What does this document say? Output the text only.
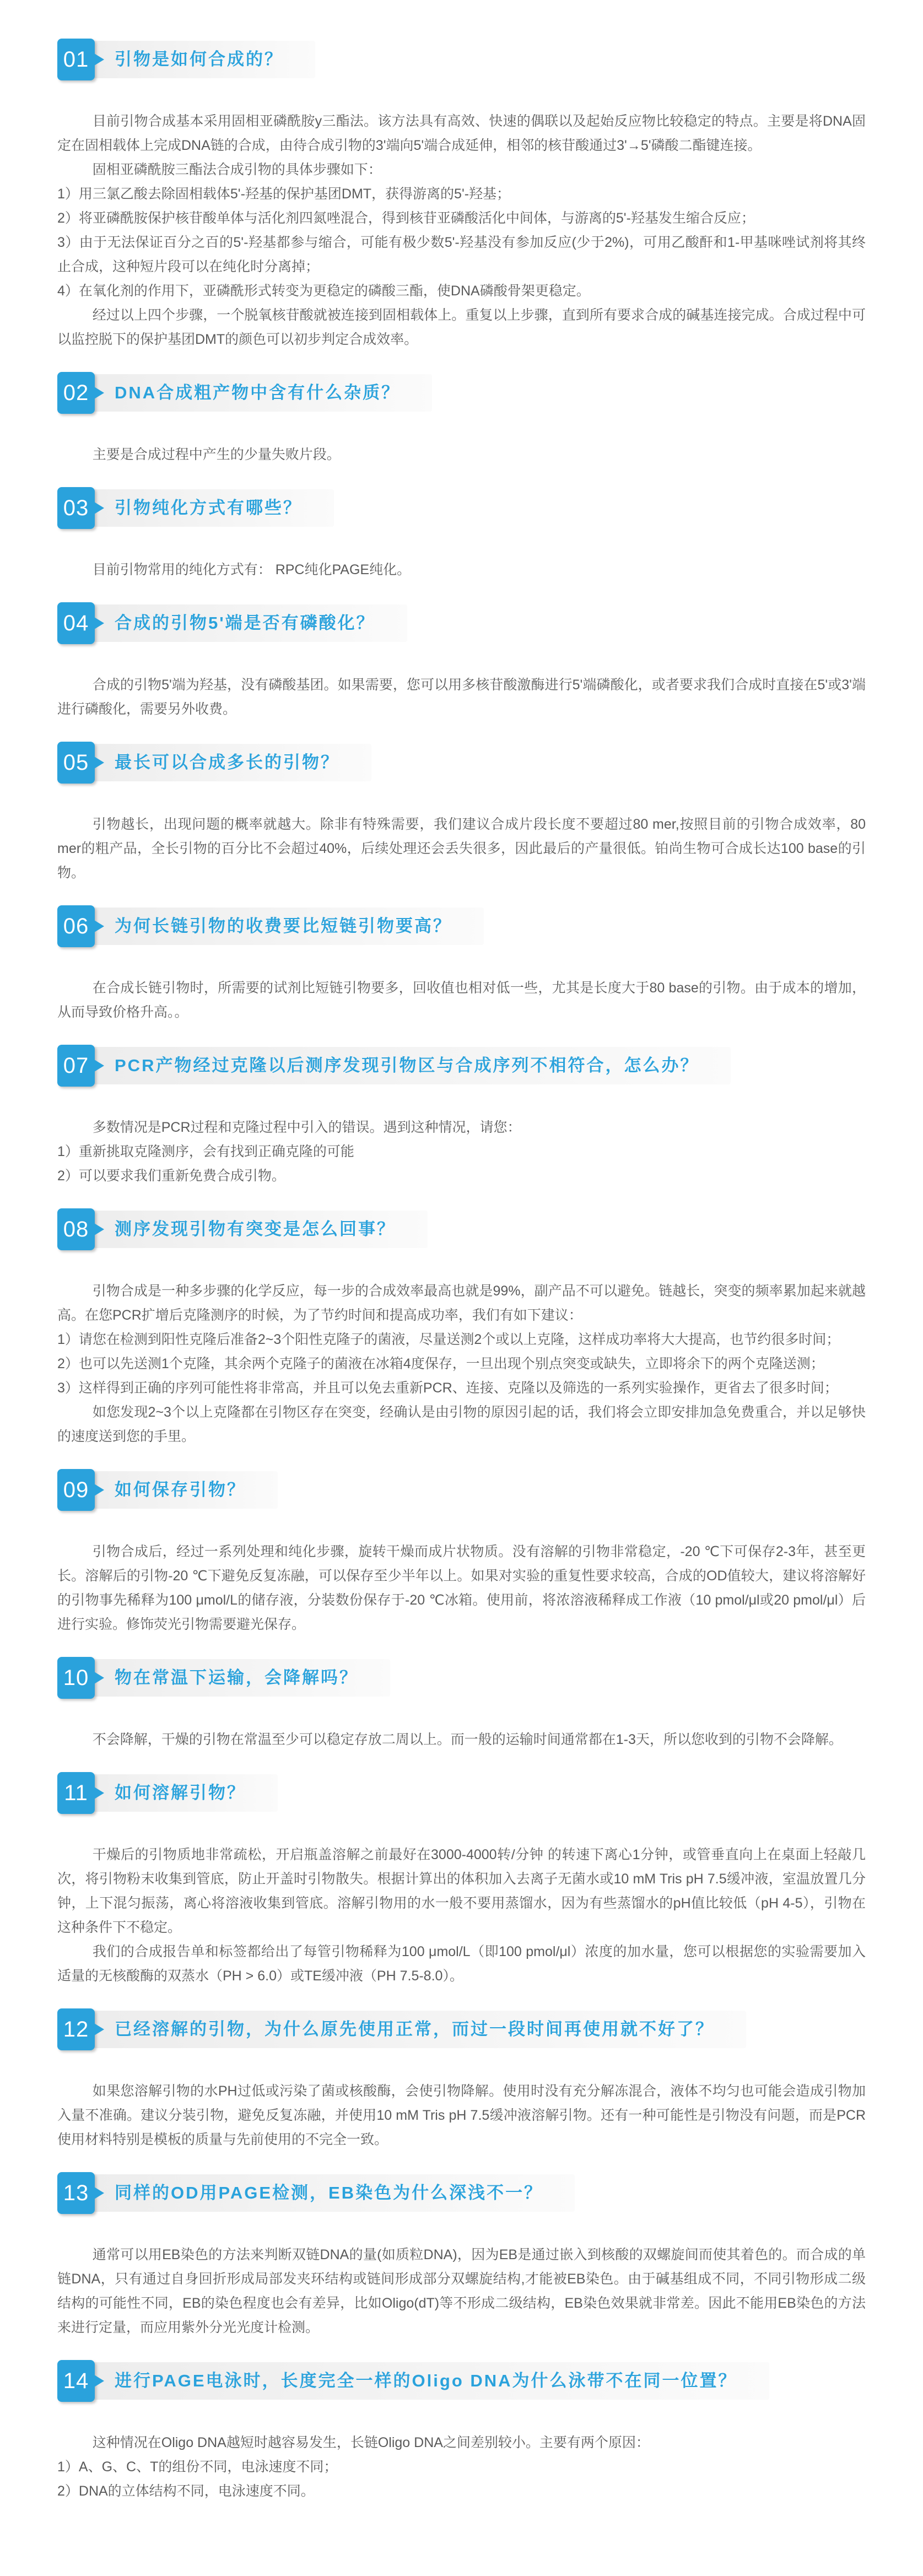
01 引物是如何合成的？

目前引物合成基本采用固相亚磷酰胺y三酯法。该方法具有高效、快速的偶联以及起始反应物比较稳定的特点。主要是将DNA固定在固相载体上完成DNA链的合成，由待合成引物的3'端向5'端合成延伸，相邻的核苷酸通过3'→5'磷酸二酯键连接。

固相亚磷酰胺三酯法合成引物的具体步骤如下：

1）用三氯乙酸去除固相载体5'-羟基的保护基团DMT，获得游离的5'-羟基；

2）将亚磷酰胺保护核苷酸单体与活化剂四氮唑混合，得到核苷亚磷酸活化中间体，与游离的5'-羟基发生缩合反应；

3）由于无法保证百分之百的5'-羟基都参与缩合，可能有极少数5'-羟基没有参加反应(少于2%)，可用乙酸酐和1-甲基咪唑试剂将其终止合成，这种短片段可以在纯化时分离掉；

4）在氧化剂的作用下，亚磷酰形式转变为更稳定的磷酸三酯，使DNA磷酸骨架更稳定。

经过以上四个步骤，一个脱氧核苷酸就被连接到固相载体上。重复以上步骤，直到所有要求合成的碱基连接完成。合成过程中可以监控脱下的保护基团DMT的颜色可以初步判定合成效率。

02 DNA合成粗产物中含有什么杂质？

主要是合成过程中产生的少量失败片段。

03 引物纯化方式有哪些？

目前引物常用的纯化方式有： RPC纯化PAGE纯化。

04 合成的引物5'端是否有磷酸化？

合成的引物5'端为羟基，没有磷酸基团。如果需要，您可以用多核苷酸激酶进行5'端磷酸化，或者要求我们合成时直接在5'或3'端进行磷酸化，需要另外收费。

05 最长可以合成多长的引物？

引物越长，出现问题的概率就越大。除非有特殊需要，我们建议合成片段长度不要超过80 mer,按照目前的引物合成效率，80 mer的粗产品，全长引物的百分比不会超过40%，后续处理还会丢失很多，因此最后的产量很低。铂尚生物可合成长达100 base的引物。

06 为何长链引物的收费要比短链引物要高？

在合成长链引物时，所需要的试剂比短链引物要多，回收值也相对低一些，尤其是长度大于80 base的引物。由于成本的增加，从而导致价格升高。。

07 PCR产物经过克隆以后测序发现引物区与合成序列不相符合，怎么办？

多数情况是PCR过程和克隆过程中引入的错误。遇到这种情况，请您：

1）重新挑取克隆测序，会有找到正确克隆的可能

2）可以要求我们重新免费合成引物。

08 测序发现引物有突变是怎么回事？

引物合成是一种多步骤的化学反应，每一步的合成效率最高也就是99%，副产品不可以避免。链越长，突变的频率累加起来就越高。在您PCR扩增后克隆测序的时候，为了节约时间和提高成功率，我们有如下建议：

1）请您在检测到阳性克隆后准备2~3个阳性克隆子的菌液，尽量送测2个或以上克隆，这样成功率将大大提高，也节约很多时间；

2）也可以先送测1个克隆，其余两个克隆子的菌液在冰箱4度保存，一旦出现个别点突变或缺失，立即将余下的两个克隆送测；

3）这样得到正确的序列可能性将非常高，并且可以免去重新PCR、连接、克隆以及筛选的一系列实验操作，更省去了很多时间；

如您发现2~3个以上克隆都在引物区存在突变，经确认是由引物的原因引起的话，我们将会立即安排加急免费重合，并以足够快的速度送到您的手里。

09 如何保存引物？

引物合成后，经过一系列处理和纯化步骤，旋转干燥而成片状物质。没有溶解的引物非常稳定，-20 ℃下可保存2-3年，甚至更长。溶解后的引物-20 ℃下避免反复冻融，可以保存至少半年以上。如果对实验的重复性要求较高，合成的OD值较大，建议将溶解好的引物事先稀释为100 μmol/L的储存液，分装数份保存于-20 ℃冰箱。使用前，将浓溶液稀释成工作液（10 pmol/μl或20 pmol/μl）后进行实验。修饰荧光引物需要避光保存。

10 物在常温下运输，会降解吗？

不会降解，干燥的引物在常温至少可以稳定存放二周以上。而一般的运输时间通常都在1-3天，所以您收到的引物不会降解。

11 如何溶解引物？

干燥后的引物质地非常疏松，开启瓶盖溶解之前最好在3000-4000转/分钟 的转速下离心1分钟，或管垂直向上在桌面上轻敲几次，将引物粉末收集到管底，防止开盖时引物散失。根据计算出的体积加入去离子无菌水或10 mM Tris pH 7.5缓冲液，室温放置几分钟，上下混匀振荡，离心将溶液收集到管底。溶解引物用的水一般不要用蒸馏水，因为有些蒸馏水的pH值比较低（pH 4-5），引物在这种条件下不稳定。

我们的合成报告单和标签都给出了每管引物稀释为100 μmol/L（即100 pmol/μl）浓度的加水量，您可以根据您的实验需要加入适量的无核酸酶的双蒸水（PH > 6.0）或TE缓冲液（PH 7.5-8.0）。

12 已经溶解的引物，为什么原先使用正常，而过一段时间再使用就不好了？

如果您溶解引物的水PH过低或污染了菌或核酸酶，会使引物降解。使用时没有充分解冻混合，液体不均匀也可能会造成引物加入量不准确。建议分装引物，避免反复冻融，并使用10 mM Tris pH 7.5缓冲液溶解引物。还有一种可能性是引物没有问题，而是PCR使用材料特别是模板的质量与先前使用的不完全一致。

13 同样的OD用PAGE检测，EB染色为什么深浅不一？

通常可以用EB染色的方法来判断双链DNA的量(如质粒DNA)，因为EB是通过嵌入到核酸的双螺旋间而使其着色的。而合成的单链DNA，只有通过自身回折形成局部发夹环结构或链间形成部分双螺旋结构,才能被EB染色。由于碱基组成不同，不同引物形成二级结构的可能性不同，EB的染色程度也会有差异，比如Oligo(dT)等不形成二级结构，EB染色效果就非常差。因此不能用EB染色的方法来进行定量，而应用紫外分光光度计检测。

14 进行PAGE电泳时，长度完全一样的Oligo DNA为什么泳带不在同一位置？

这种情况在Oligo DNA越短时越容易发生，长链Oligo DNA之间差别较小。主要有两个原因：

1）A、G、C、T的组份不同，电泳速度不同；

2）DNA的立体结构不同，电泳速度不同。
